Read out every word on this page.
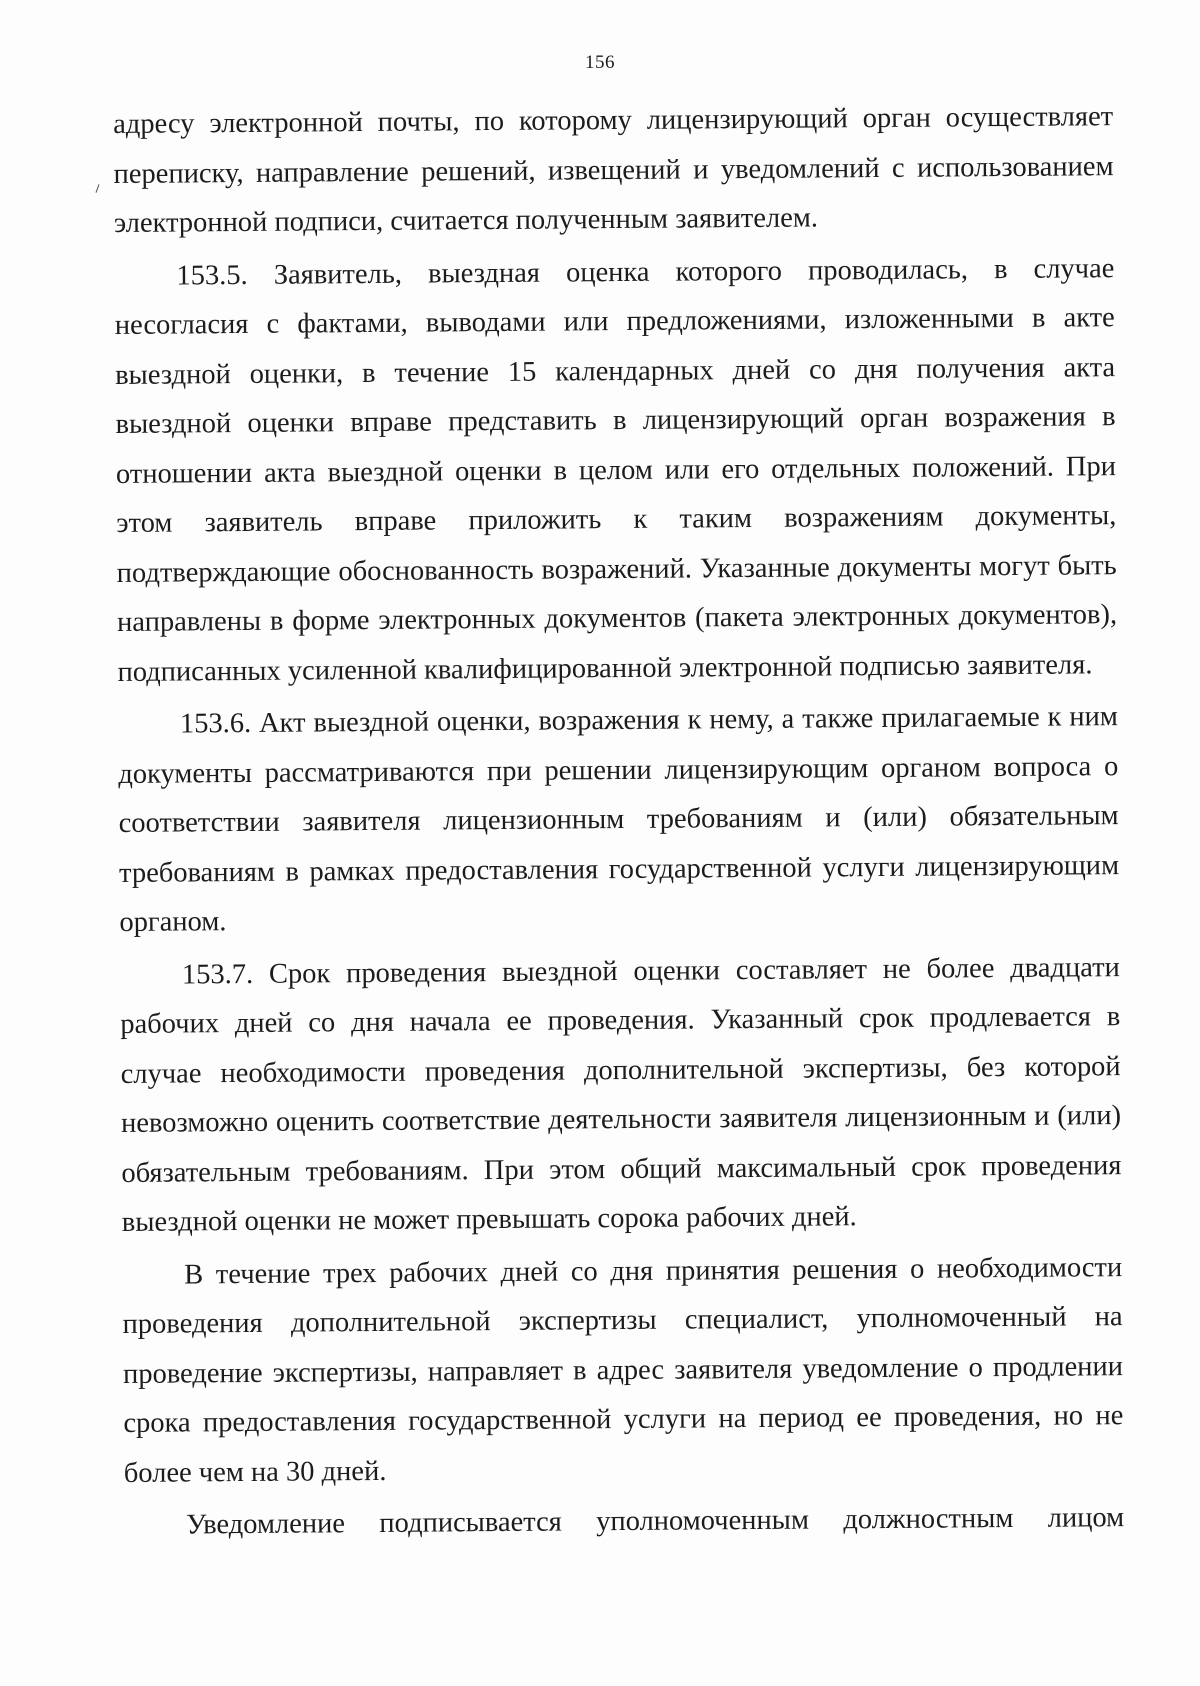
156

адресу электронной почты, по которому лицензирующий орган осуществляет переписку, направление решений, извещений и уведомлений с использованием электронной подписи, считается полученным заявителем.

153.5. Заявитель, выездная оценка которого проводилась, в случае несогласия с фактами, выводами или предложениями, изложенными в акте выездной оценки, в течение 15 календарных дней со дня получения акта выездной оценки вправе представить в лицензирующий орган возражения в отношении акта выездной оценки в целом или его отдельных положений. При этом заявитель вправе приложить к таким возражениям документы, подтверждающие обоснованность возражений. Указанные документы могут быть направлены в форме электронных документов (пакета электронных документов), подписанных усиленной квалифицированной электронной подписью заявителя.

153.6. Акт выездной оценки, возражения к нему, а также прилагаемые к ним документы рассматриваются при решении лицензирующим органом вопроса о соответствии заявителя лицензионным требованиям и (или) обязательным требованиям в рамках предоставления государственной услуги лицензирующим органом.

153.7. Срок проведения выездной оценки составляет не более двадцати рабочих дней со дня начала ее проведения. Указанный срок продлевается в случае необходимости проведения дополнительной экспертизы, без которой невозможно оценить соответствие деятельности заявителя лицензионным и (или) обязательным требованиям. При этом общий максимальный срок проведения выездной оценки не может превышать сорока рабочих дней.

В течение трех рабочих дней со дня принятия решения о необходимости проведения дополнительной экспертизы специалист, уполномоченный на проведение экспертизы, направляет в адрес заявителя уведомление о продлении срока предоставления государственной услуги на период ее проведения, но не более чем на 30 дней.

Уведомление подписывается уполномоченным должностным лицом
